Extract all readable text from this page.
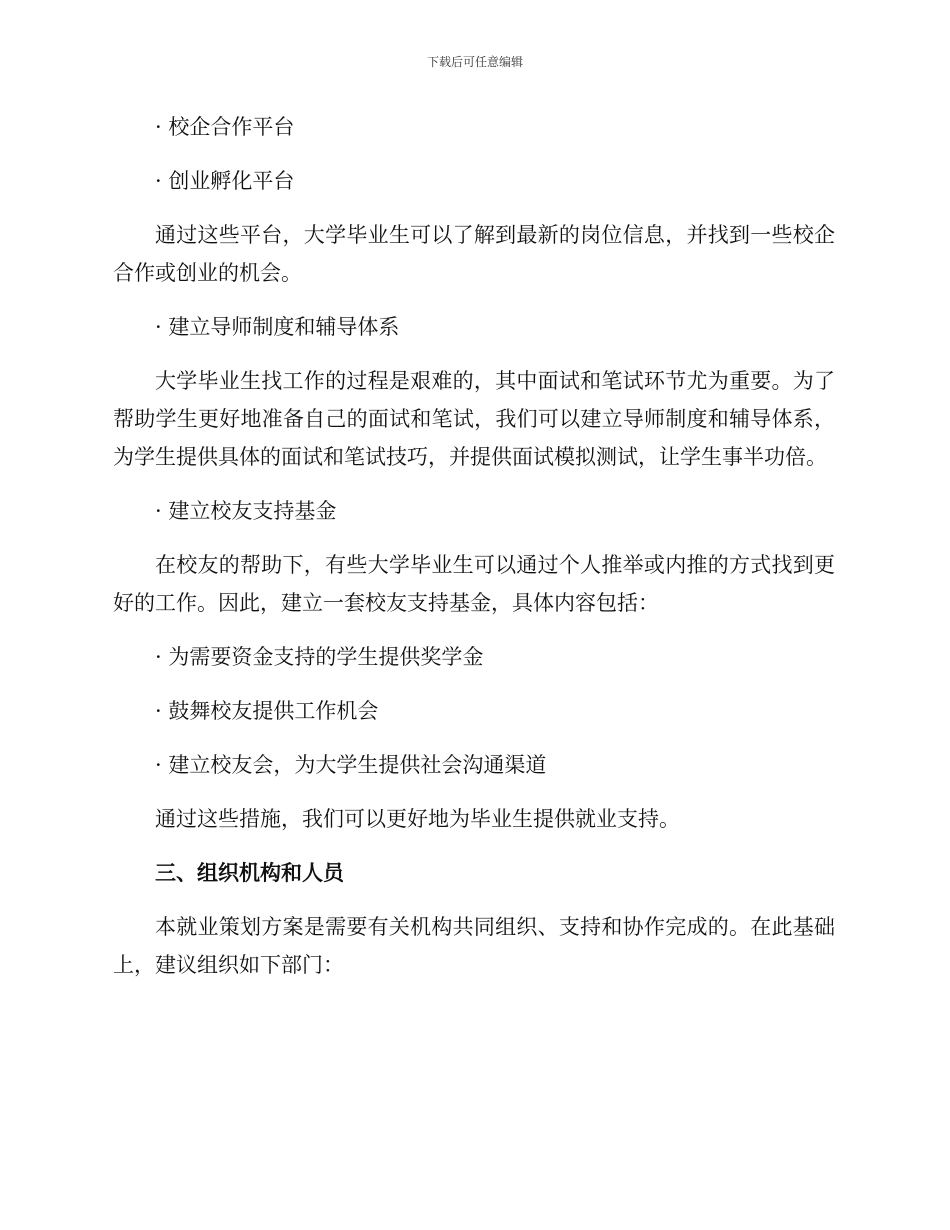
下载后可任意编辑

· 校企合作平台

· 创业孵化平台

通过这些平台，大学毕业生可以了解到最新的岗位信息，并找到一些校企合作或创业的机会。

· 建立导师制度和辅导体系

大学毕业生找工作的过程是艰难的，其中面试和笔试环节尤为重要。为了帮助学生更好地准备自己的面试和笔试，我们可以建立导师制度和辅导体系，为学生提供具体的面试和笔试技巧，并提供面试模拟测试，让学生事半功倍。

· 建立校友支持基金

在校友的帮助下，有些大学毕业生可以通过个人推举或内推的方式找到更好的工作。因此，建立一套校友支持基金，具体内容包括：

· 为需要资金支持的学生提供奖学金

· 鼓舞校友提供工作机会

· 建立校友会，为大学生提供社会沟通渠道

通过这些措施，我们可以更好地为毕业生提供就业支持。

三、组织机构和人员

本就业策划方案是需要有关机构共同组织、支持和协作完成的。在此基础上，建议组织如下部门：
